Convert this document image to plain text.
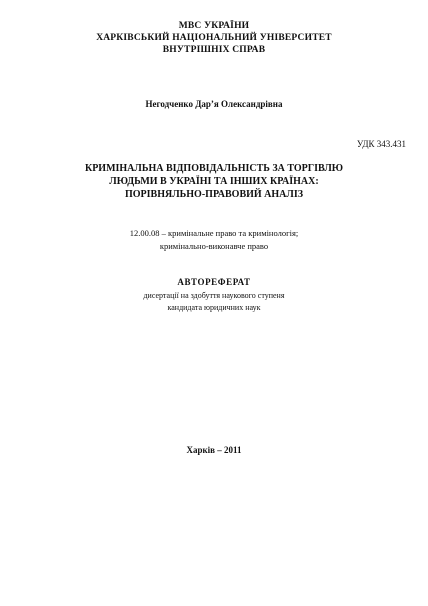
МВС УКРАЇНИ
ХАРКІВСЬКИЙ НАЦІОНАЛЬНИЙ УНІВЕРСИТЕТ
ВНУТРІШНІХ СПРАВ
Негодченко Дар’я Олександрівна
УДК 343.431
КРИМІНАЛЬНА ВІДПОВІДАЛЬНІСТЬ ЗА ТОРГІВЛЮ
ЛЮДЬМИ В УКРАЇНІ ТА ІНШИХ КРАЇНАХ:
ПОРІВНЯЛЬНО-ПРАВОВИЙ АНАЛІЗ
12.00.08 – кримінальне право та кримінологія;
кримінально-виконавче право
АВТОРЕФЕРАТ
дисертації на здобуття наукового ступеня
кандидата юридичних наук
Харків – 2011
